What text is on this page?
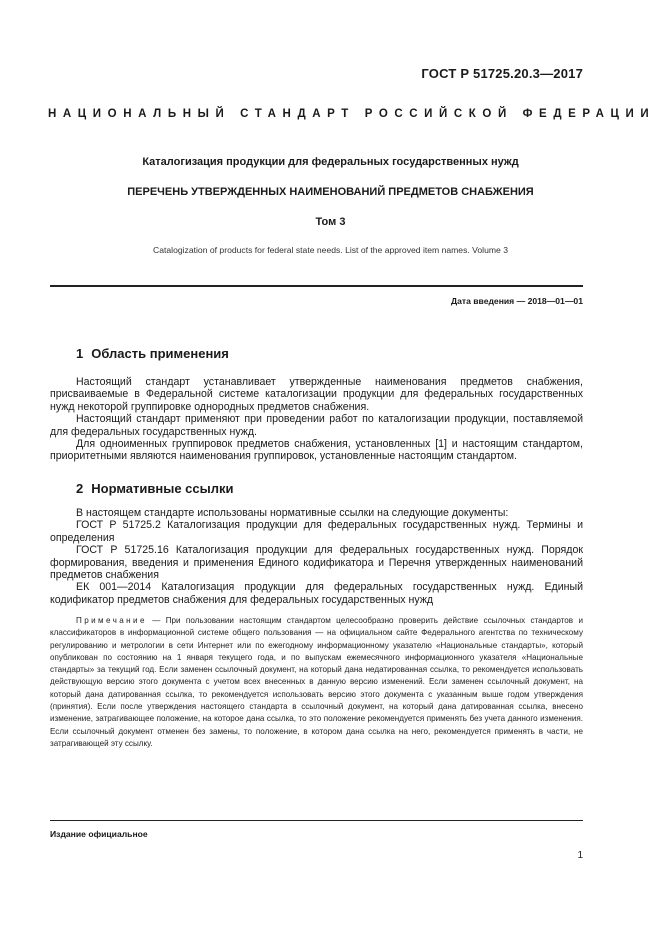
ГОСТ Р 51725.20.3—2017
НАЦИОНАЛЬНЫЙ СТАНДАРТ РОССИЙСКОЙ ФЕДЕРАЦИИ
Каталогизация продукции для федеральных государственных нужд
ПЕРЕЧЕНЬ УТВЕРЖДЕННЫХ НАИМЕНОВАНИЙ ПРЕДМЕТОВ СНАБЖЕНИЯ
Том 3
Catalogization of products for federal state needs. List of the approved item names. Volume 3
Дата введения — 2018—01—01
1 Область применения

Настоящий стандарт устанавливает утвержденные наименования предметов снабжения, присваиваемые в Федеральной системе каталогизации продукции для федеральных государственных нужд некоторой группировке однородных предметов снабжения.

Настоящий стандарт применяют при проведении работ по каталогизации продукции, поставляемой для федеральных государственных нужд.

Для одноименных группировок предметов снабжения, установленных [1] и настоящим стандартом, приоритетными являются наименования группировок, установленные настоящим стандартом.

2 Нормативные ссылки

В настоящем стандарте использованы нормативные ссылки на следующие документы:

ГОСТ Р 51725.2 Каталогизация продукции для федеральных государственных нужд. Термины и определения

ГОСТ Р 51725.16 Каталогизация продукции для федеральных государственных нужд. Порядок формирования, введения и применения Единого кодификатора и Перечня утвержденных наименований предметов снабжения

ЕК 001—2014 Каталогизация продукции для федеральных государственных нужд. Единый кодификатор предметов снабжения для федеральных государственных нужд

Примечание — При пользовании настоящим стандартом целесообразно проверить действие ссылочных стандартов и классификаторов в информационной системе общего пользования — на официальном сайте Федерального агентства по техническому регулированию и метрологии в сети Интернет или по ежегодному информационному указателю «Национальные стандарты», который опубликован по состоянию на 1 января текущего года, и по выпускам ежемесячного информационного указателя «Национальные стандарты» за текущий год. Если заменен ссылочный документ, на который дана недатированная ссылка, то рекомендуется использовать действующую версию этого документа с учетом всех внесенных в данную версию изменений. Если заменен ссылочный документ, на который дана датированная ссылка, то рекомендуется использовать версию этого документа с указанным выше годом утверждения (принятия). Если после утверждения настоящего стандарта в ссылочный документ, на который дана датированная ссылка, внесено изменение, затрагивающее положение, на которое дана ссылка, то это положение рекомендуется применять без учета данного изменения. Если ссылочный документ отменен без замены, то положение, в котором дана ссылка на него, рекомендуется применять в части, не затрагивающей эту ссылку.
Издание официальное
1
